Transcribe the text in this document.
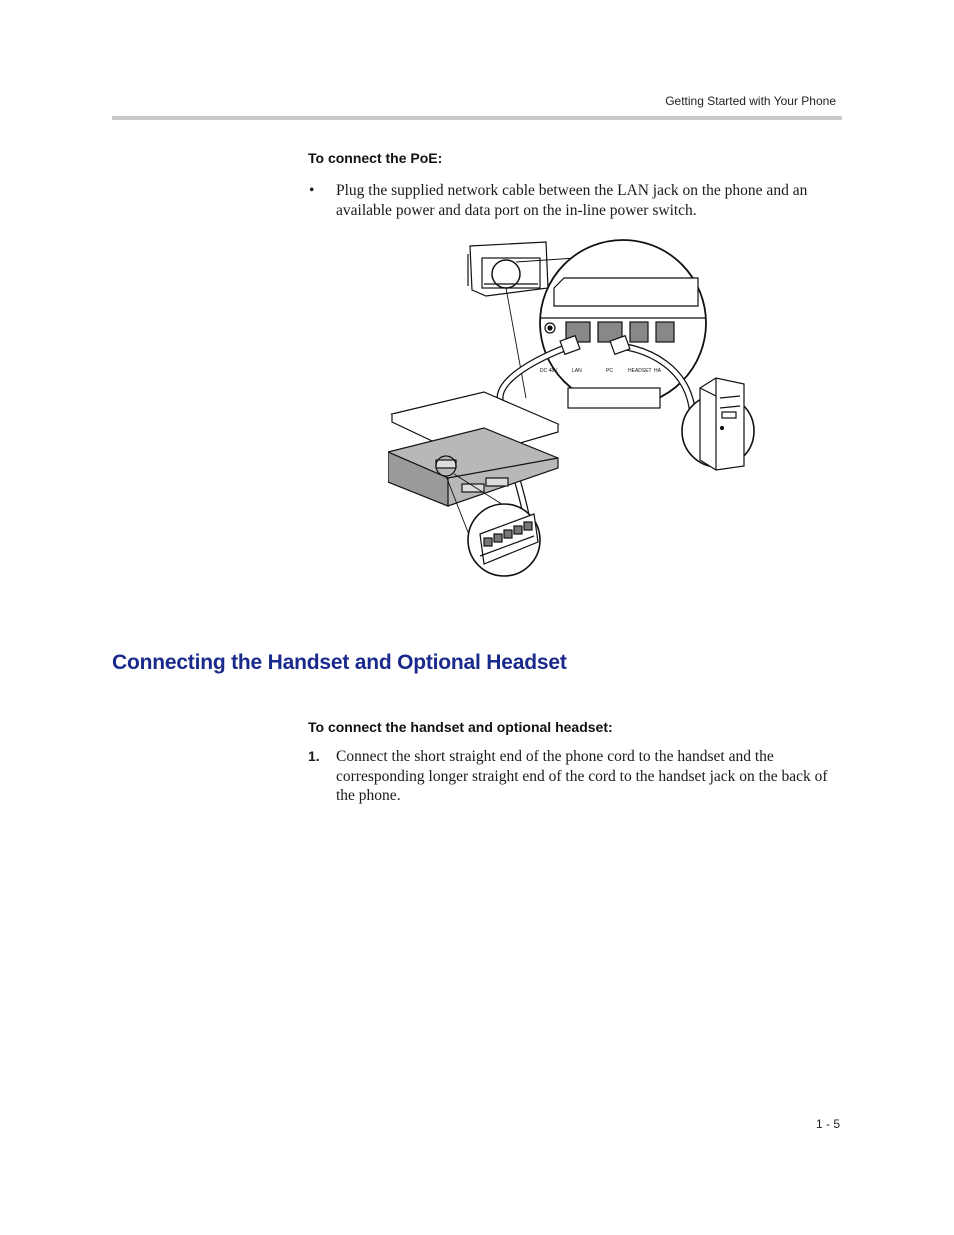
Getting Started with Your Phone
To connect the PoE:
• Plug the supplied network cable between the LAN jack on the phone and an available power and data port on the in-line power switch.
DC 48V	LAN	PC	HEADSET HA
Connecting the Handset and Optional Headset
To connect the handset and optional headset:
1. Connect the short straight end of the phone cord to the handset and the corresponding longer straight end of the cord to the handset jack on the back of the phone.
1 - 5
